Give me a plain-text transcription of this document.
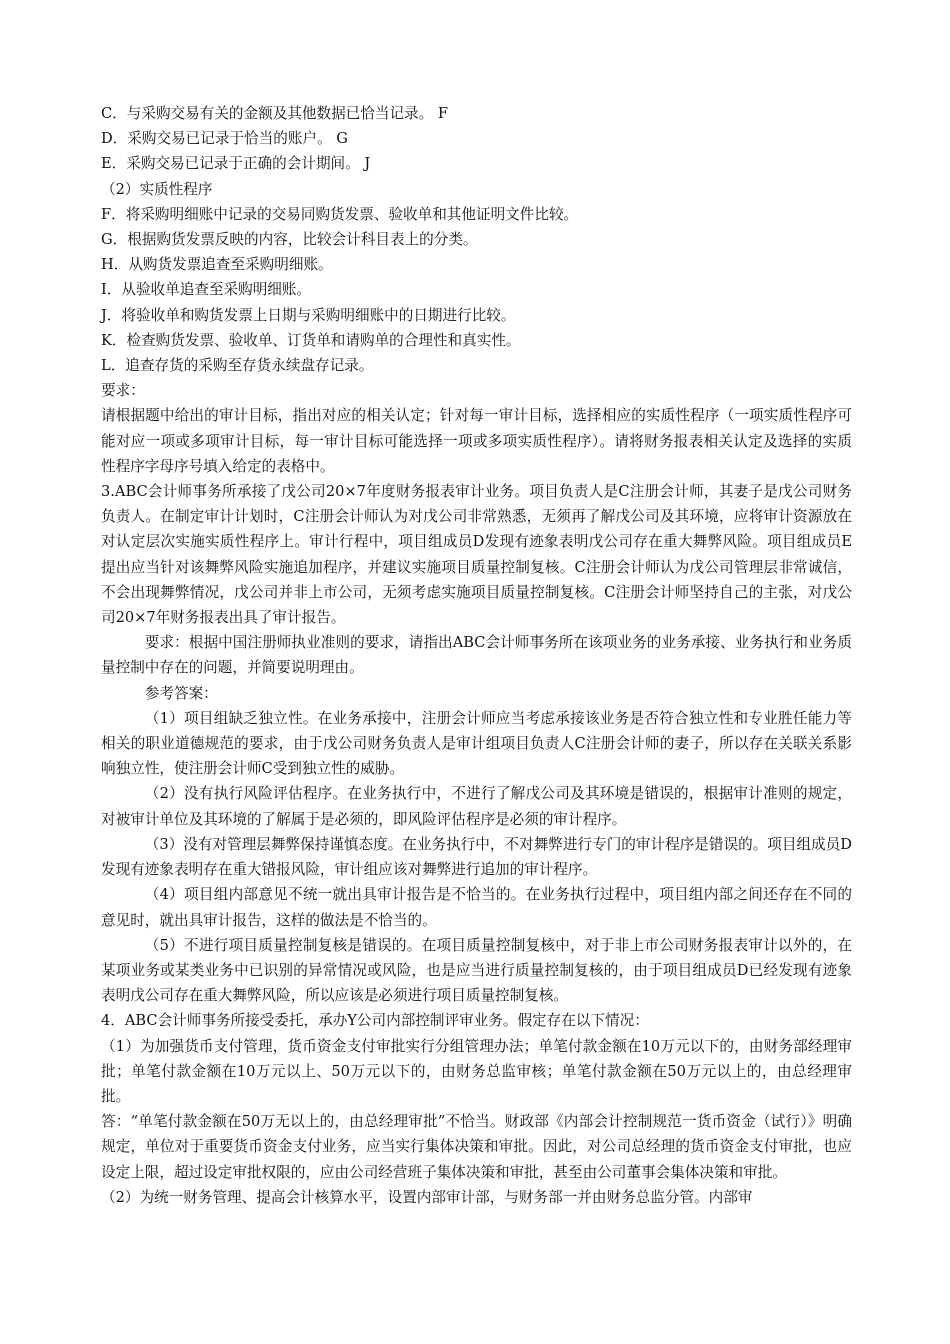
C．与采购交易有关的金额及其他数据已恰当记录。 F

D．采购交易已记录于恰当的账户。 G

E．采购交易已记录于正确的会计期间。 J

（2）实质性程序

F．将采购明细账中记录的交易同购货发票、验收单和其他证明文件比较。

G．根据购货发票反映的内容，比较会计科目表上的分类。

H．从购货发票追查至采购明细账。

I．从验收单追查至采购明细账。

J．将验收单和购货发票上日期与采购明细账中的日期进行比较。

K．检查购货发票、验收单、订货单和请购单的合理性和真实性。

L．追查存货的采购至存货永续盘存记录。

要求：

请根据题中给出的审计目标，指出对应的相关认定；针对每一审计目标，选择相应的实质性程序（一项实质性程序可能对应一项或多项审计目标，每一审计目标可能选择一项或多项实质性程序）。请将财务报表相关认定及选择的实质性程序字母序号填入给定的表格中。

3.ABC会计师事务所承接了戊公司20×7年度财务报表审计业务。项目负责人是C注册会计师，其妻子是戊公司财务负责人。在制定审计计划时，C注册会计师认为对戊公司非常熟悉，无须再了解戊公司及其环境，应将审计资源放在对认定层次实施实质性程序上。审计行程中，项目组成员D发现有迹象表明戊公司存在重大舞弊风险。项目组成员E提出应当针对该舞弊风险实施追加程序，并建议实施项目质量控制复核。C注册会计师认为戊公司管理层非常诚信，不会出现舞弊情况，戊公司并非上市公司，无须考虑实施项目质量控制复核。C注册会计师坚持自己的主张，对戊公司20×7年财务报表出具了审计报告。

要求：根据中国注册师执业准则的要求，请指出ABC会计师事务所在该项业务的业务承接、业务执行和业务质量控制中存在的问题，并简要说明理由。

参考答案：

（1）项目组缺乏独立性。在业务承接中，注册会计师应当考虑承接该业务是否符合独立性和专业胜任能力等相关的职业道德规范的要求，由于戊公司财务负责人是审计组项目负责人C注册会计师的妻子，所以存在关联关系影响独立性，使注册会计师C受到独立性的威胁。

（2）没有执行风险评估程序。在业务执行中，不进行了解戊公司及其环境是错误的，根据审计准则的规定，对被审计单位及其环境的了解属于是必须的，即风险评估程序是必须的审计程序。

（3）没有对管理层舞弊保持谨慎态度。在业务执行中，不对舞弊进行专门的审计程序是错误的。项目组成员D发现有迹象表明存在重大错报风险，审计组应该对舞弊进行追加的审计程序。

（4）项目组内部意见不统一就出具审计报告是不恰当的。在业务执行过程中，项目组内部之间还存在不同的意见时，就出具审计报告，这样的做法是不恰当的。

（5）不进行项目质量控制复核是错误的。在项目质量控制复核中，对于非上市公司财务报表审计以外的，在某项业务或某类业务中已识别的异常情况或风险，也是应当进行质量控制复核的，由于项目组成员D已经发现有迹象表明戊公司存在重大舞弊风险，所以应该是必须进行项目质量控制复核。

4．ABC会计师事务所接受委托，承办Y公司内部控制评审业务。假定存在以下情况：

（1）为加强货币支付管理，货币资金支付审批实行分组管理办法；单笔付款金额在10万元以下的，由财务部经理审批；单笔付款金额在10万元以上、50万元以下的，由财务总监审核；单笔付款金额在50万元以上的，由总经理审批。

答：“单笔付款金额在50万无以上的，由总经理审批”不恰当。财政部《内部会计控制规范一货币资金（试行）》明确规定，单位对于重要货币资金支付业务，应当实行集体决策和审批。因此，对公司总经理的货币资金支付审批，也应设定上限，超过设定审批权限的，应由公司经营班子集体决策和审批，甚至由公司董事会集体决策和审批。

（2）为统一财务管理、提高会计核算水平，设置内部审计部，与财务部一并由财务总监分管。内部审
